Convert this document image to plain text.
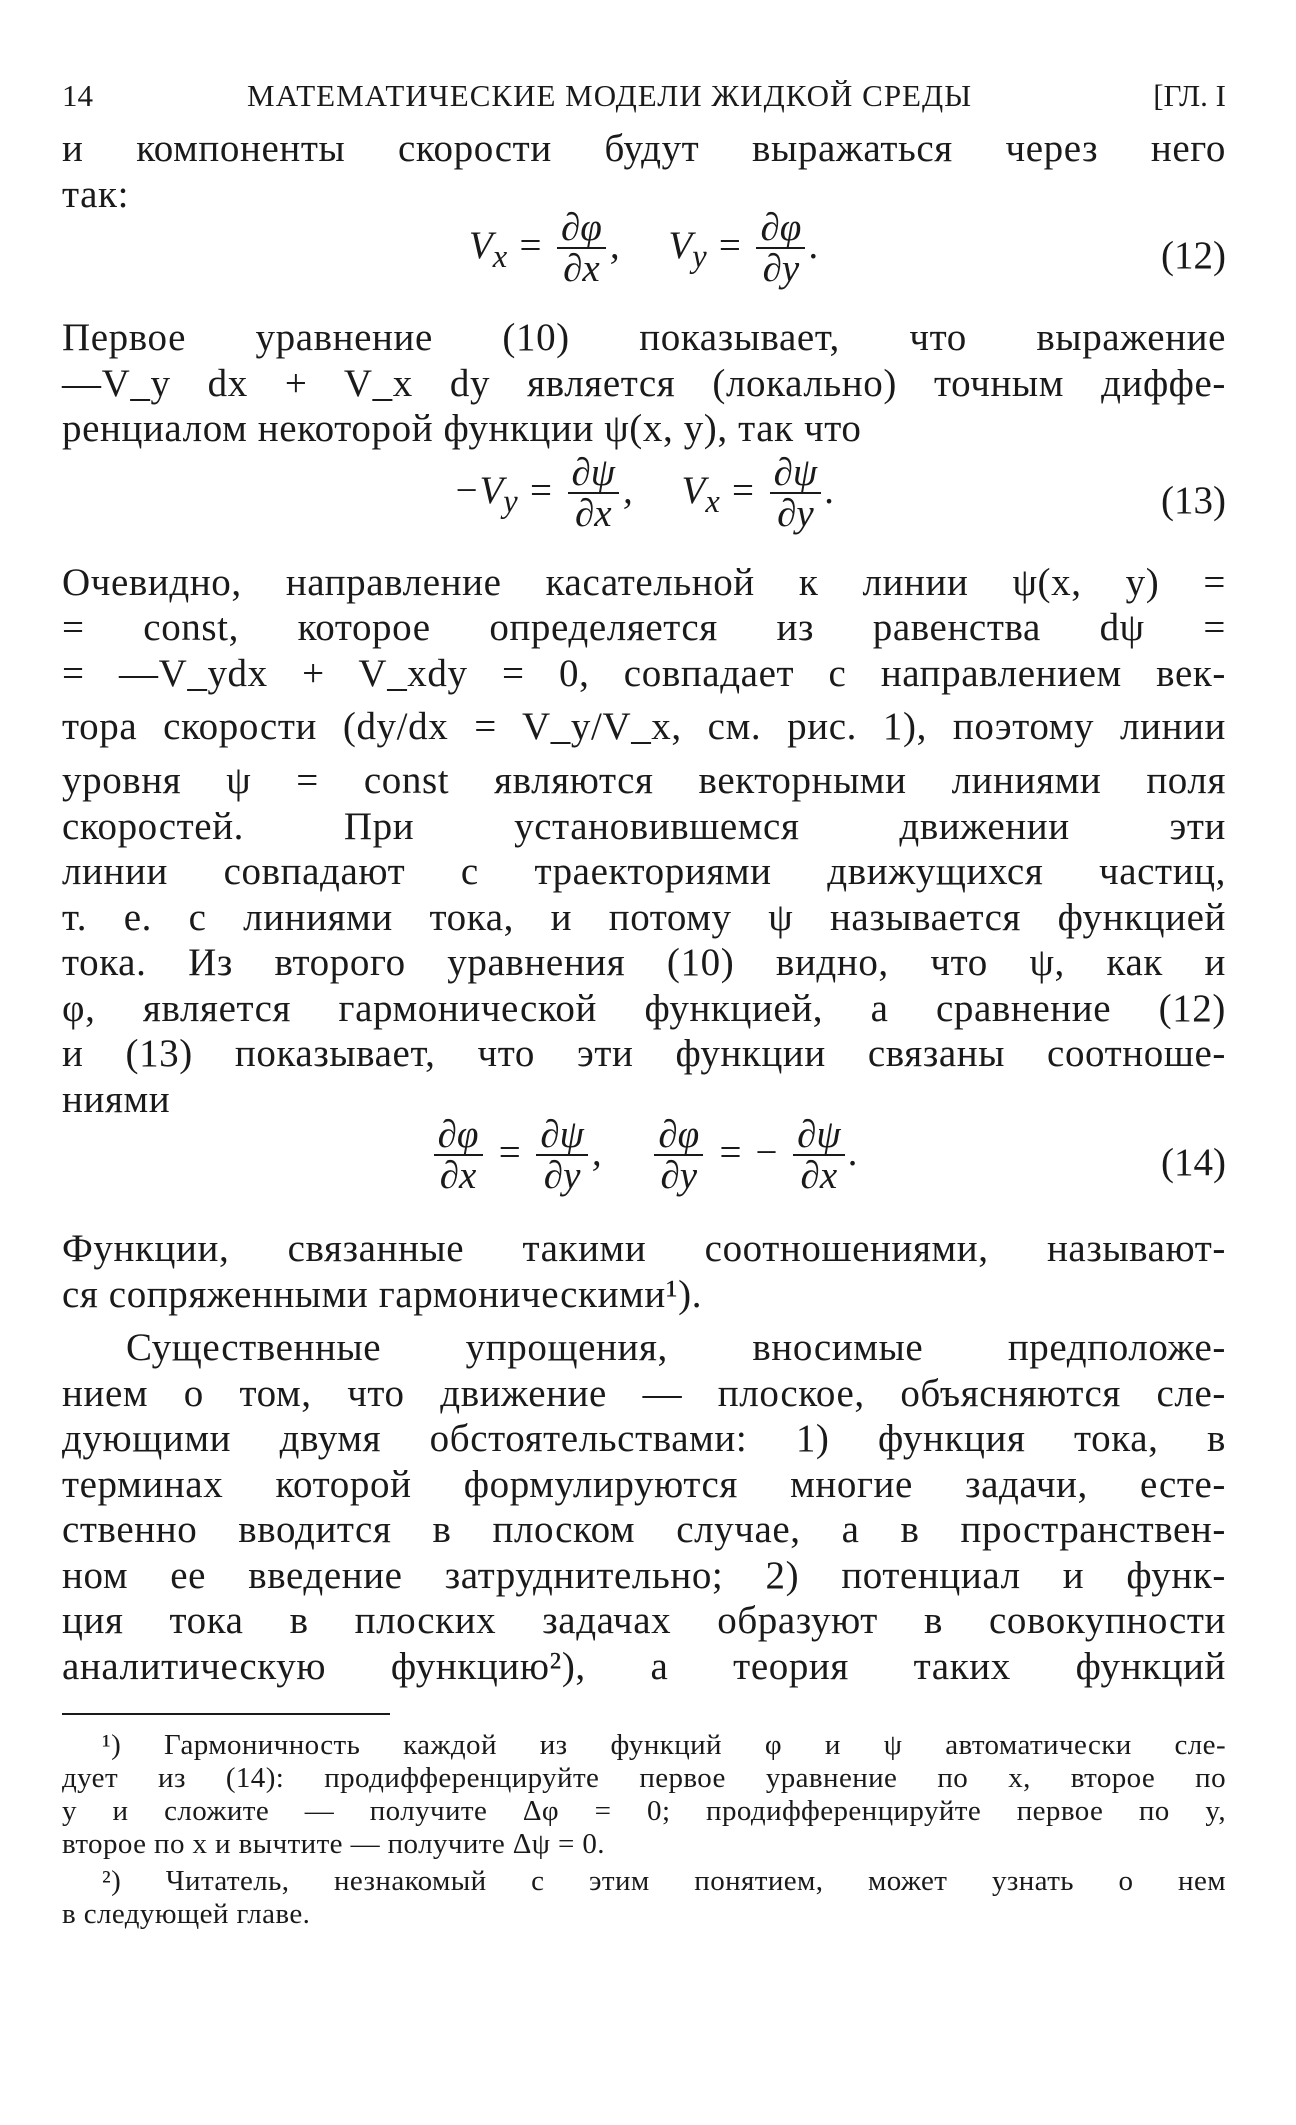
14	МАТЕМАТИЧЕСКИЕ МОДЕЛИ ЖИДКОЙ СРЕДЫ	[ГЛ. I
и компоненты скорости будут выражаться через него
так:
$V_x = \frac{\partial\varphi}{\partial x}$ ,     $V_y = \frac{\partial\varphi}{\partial y}$ .	(12)
Первое уравнение (10) показывает, что выражение
—V_y dx + V_x dy является (локально) точным диффе-
ренциалом некоторой функции ψ(x, y), так что
$-V_y = \frac{\partial\psi}{\partial x}$ ,     $V_x = \frac{\partial\psi}{\partial y}$ .	(13)
Очевидно, направление касательной к линии ψ(x, y) =
= const, которое определяется из равенства dψ =
= —V_ydx + V_xdy = 0, совпадает с направлением век-
тора скорости (dy/dx = V_y/V_x, см. рис. 1), поэтому линии
уровня ψ = const являются векторными линиями поля
скоростей. При установившемся движении эти
линии совпадают с траекториями движущихся частиц,
т. е. с линиями тока, и потому ψ называется функцией
тока. Из второго уравнения (10) видно, что ψ, как и
φ, является гармонической функцией, а сравнение (12)
и (13) показывает, что эти функции связаны соотноше-
ниями
$\frac{\partial\varphi}{\partial x} = \frac{\partial\psi}{\partial y}$ , $\frac{\partial\varphi}{\partial y}$ = − $\frac{\partial\psi}{\partial x}$ .	(14)
Функции, связанные такими соотношениями, называют-
ся сопряженными гармоническими¹).
Существенные упрощения, вносимые предположе-
нием о том, что движение — плоское, объясняются сле-
дующими двумя обстоятельствами: 1) функция тока, в
терминах которой формулируются многие задачи, есте-
ственно вводится в плоском случае, а в пространствен-
ном ее введение затруднительно; 2) потенциал и функ-
ция тока в плоских задачах образуют в совокупности
аналитическую функцию²), а теория таких функций
¹) Гармоничность каждой из функций φ и ψ автоматически сле-
дует из (14): продифференцируйте первое уравнение по x, второе по
y и сложите — получите Δφ = 0; продифференцируйте первое по y,
второе по x и вычтите — получите Δψ = 0.
²) Читатель, незнакомый с этим понятием, может узнать о нем
в следующей главе.
